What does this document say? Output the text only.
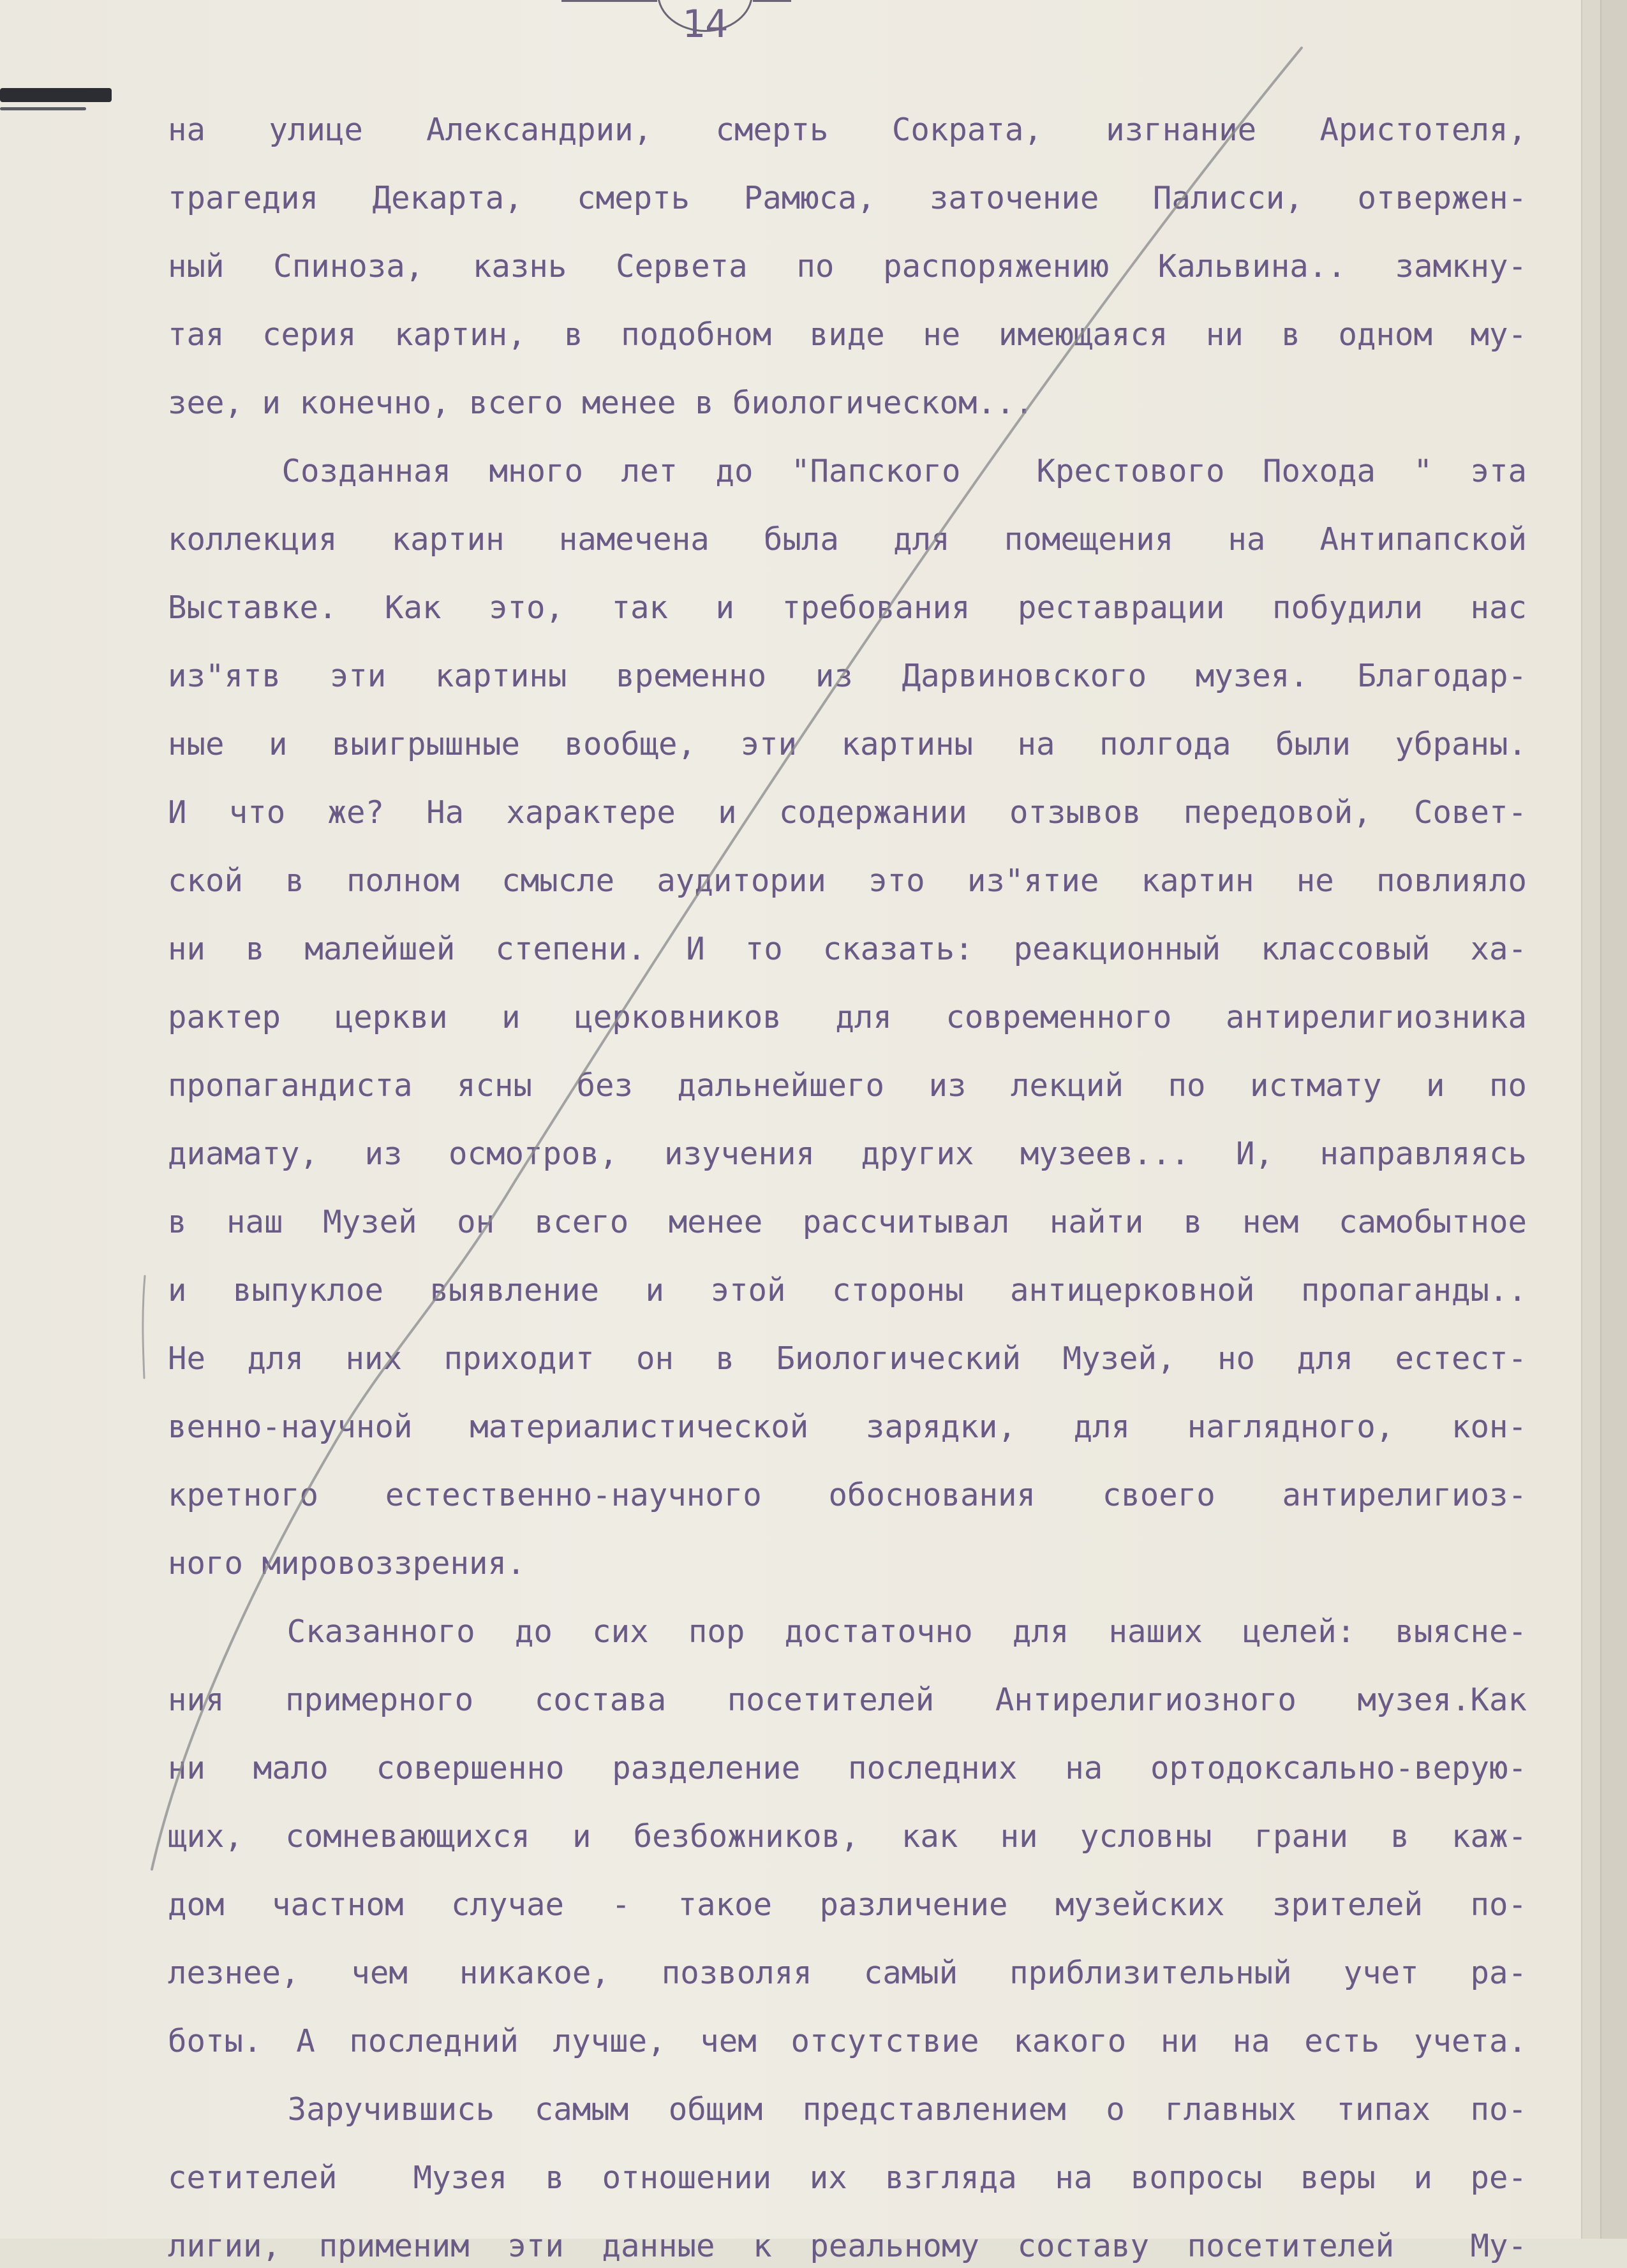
14
на улице Александрии, смерть Сократа, изгнание Аристотеля,
трагедия Декарта, смерть Рамюса, заточение Палисси, отвержен-
ный Спиноза, казнь Сервета по распоряжению Кальвина.. замкну-
тая серия картин, в подобном виде не имеющаяся ни в одном му-
зее, и конечно, всего менее в биологическом...
Созданная много лет до "Папского  Крестового Похода " эта
коллекция картин намечена была для помещения на Антипапской
Выставке. Как это, так и требования реставрации побудили нас
из"ятв эти картины временно из Дарвиновского музея. Благодар-
ные и выигрышные вообще, эти картины на полгода были убраны.
И что же? На характере и содержании отзывов передовой, Совет-
ской в полном смысле аудитории это из"ятие картин не повлияло
ни в малейшей степени. И то сказать: реакционный классовый ха-
рактер церкви и церковников для современного антирелигиозника
пропагандиста ясны без дальнейшего из лекций по истмату и по
диамату, из осмотров, изучения других музеев... И, направляясь
в наш Музей он всего менее рассчитывал найти в нем самобытное
и выпуклое выявление и этой стороны антицерковной пропаганды..
Не для них приходит он в Биологический Музей, но для естест-
венно-научной материалистической зарядки, для наглядного, кон-
кретного естественно-научного обоснования своего антирелигиоз-
ного мировоззрения.
Сказанного до сих пор достаточно для наших целей: выясне-
ния примерного состава посетителей Антирелигиозного музея.Как
ни мало совершенно разделение последних на ортодоксально-верую-
щих, сомневающихся и безбожников, как ни условны грани в каж-
дом частном случае - такое различение музейских зрителей по-
лезнее, чем никакое, позволяя самый приблизительный учет ра-
боты. А последний лучше, чем отсутствие какого ни на есть учета.
Заручившись самым общим представлением о главных типах по-
сетителей  Музея в отношении их взгляда на вопросы веры и ре-
лигии, применим эти данные к реальному составу посетителей  Му-
